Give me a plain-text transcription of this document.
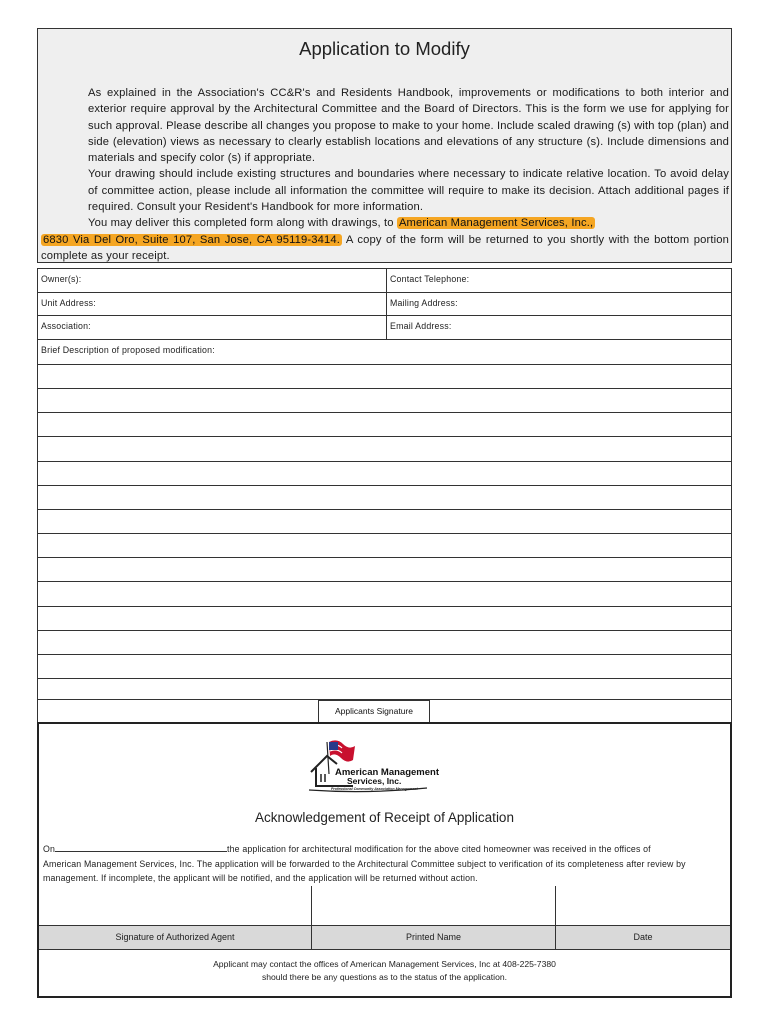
Application to Modify

As explained in the Association's CC&R's and Residents Handbook, improvements or modifications to both interior and exterior require approval by the Architectural Committee and the Board of Directors. This is the form we use for applying for such approval. Please describe all changes you propose to make to your home. Include scaled drawing (s) with top (plan) and side (elevation) views as necessary to clearly establish locations and elevations of any structure (s). Include dimensions and materials and specify color (s) if appropriate.

Your drawing should include existing structures and boundaries where necessary to indicate relative location. To avoid delay of committee action, please include all information the committee will require to make its decision. Attach additional pages if required. Consult your Resident's Handbook for more information.

You may deliver this completed form along with drawings, to American Management Services, Inc.,

6830 Via Del Oro, Suite 107, San Jose, CA 95119-3414. A copy of the form will be returned to you shortly with the bottom portion complete as your receipt.

Owner(s):	Contact Telephone:
Unit Address:	Mailing Address:
Association:	Email Address:
Brief Description of proposed modification:
Applicants Signature
American Management
Services, Inc.
Professional Community Association Management
Acknowledgement of Receipt of Application

On	the application for architectural modification for the above cited homeowner was received in the offices of

American Management Services, Inc. The application will be forwarded to the Architectural Committee subject to verification of its completeness after review by management. If incomplete, the applicant will be notified, and the application will be returned without action.

Signature of Authorized Agent	Printed Name	Date
Applicant may contact the offices of American Management Services, Inc at 408-225-7380
should there be any questions as to the status of the application.
